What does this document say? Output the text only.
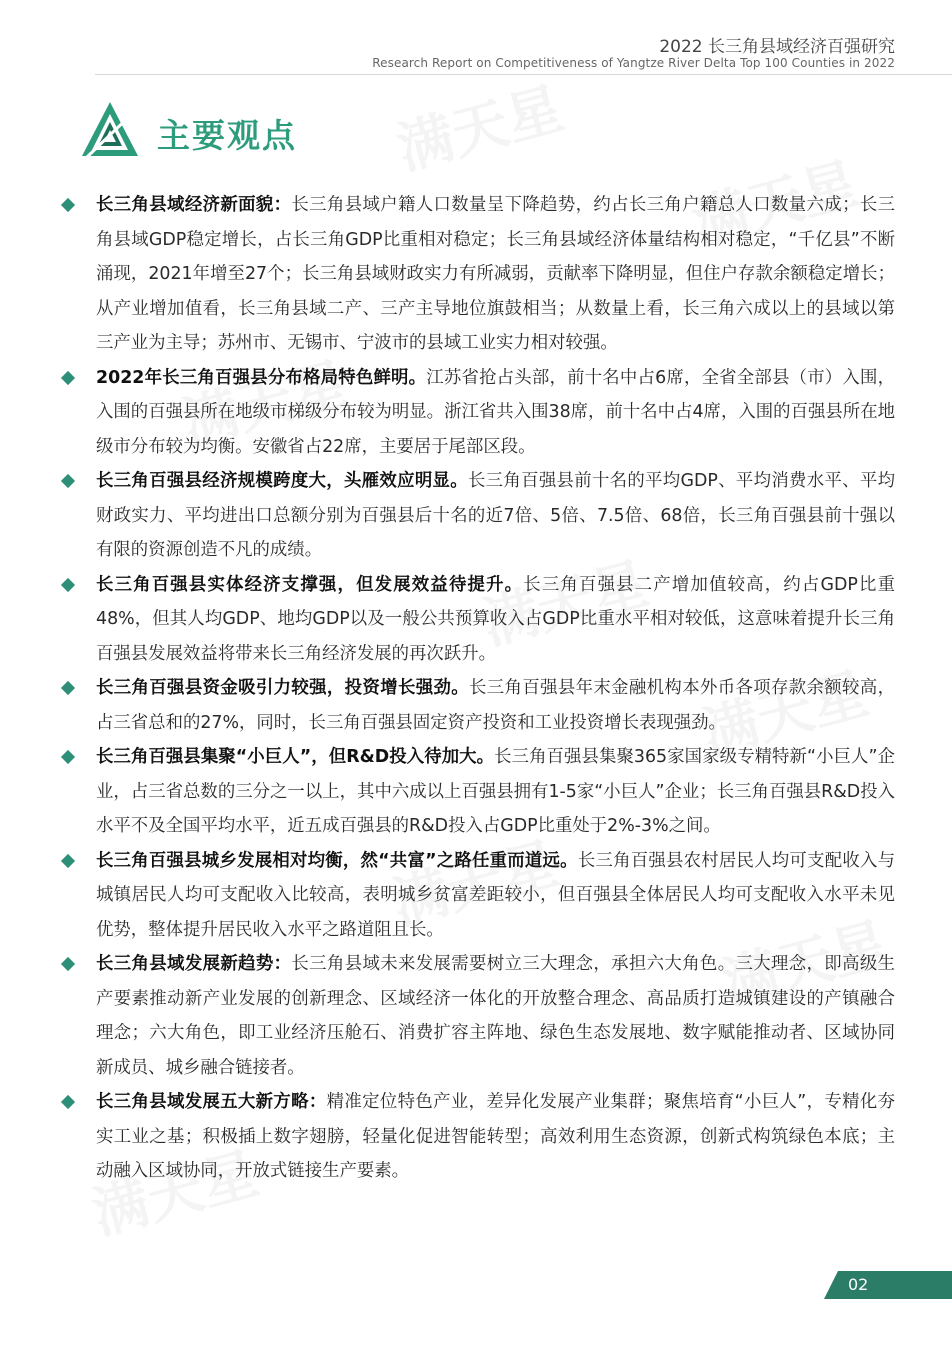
2022 长三角县域经济百强研究
Research Report on Competitiveness of Yangtze River Delta Top 100 Counties in 2022
主要观点
长三角县域经济新面貌：长三角县域户籍人口数量呈下降趋势，约占长三角户籍总人口数量六成；长三角县域GDP稳定增长，占长三角GDP比重相对稳定；长三角县域经济体量结构相对稳定，“千亿县”不断涌现，2021年增至27个；长三角县域财政实力有所减弱，贡献率下降明显，但住户存款余额稳定增长；从产业增加值看，长三角县域二产、三产主导地位旗鼓相当；从数量上看，长三角六成以上的县域以第三产业为主导；苏州市、无锡市、宁波市的县域工业实力相对较强。
2022年长三角百强县分布格局特色鲜明。江苏省抢占头部，前十名中占6席，全省全部县（市）入围，入围的百强县所在地级市梯级分布较为明显。浙江省共入围38席，前十名中占4席，入围的百强县所在地级市分布较为均衡。安徽省占22席，主要居于尾部区段。
长三角百强县经济规模跨度大，头雁效应明显。长三角百强县前十名的平均GDP、平均消费水平、平均财政实力、平均进出口总额分别为百强县后十名的近7倍、5倍、7.5倍、68倍，长三角百强县前十强以有限的资源创造不凡的成绩。
长三角百强县实体经济支撑强，但发展效益待提升。长三角百强县二产增加值较高，约占GDP比重48%，但其人均GDP、地均GDP以及一般公共预算收入占GDP比重水平相对较低，这意味着提升长三角百强县发展效益将带来长三角经济发展的再次跃升。
长三角百强县资金吸引力较强，投资增长强劲。长三角百强县年末金融机构本外币各项存款余额较高，占三省总和的27%，同时，长三角百强县固定资产投资和工业投资增长表现强劲。
长三角百强县集聚“小巨人”，但R&D投入待加大。长三角百强县集聚365家国家级专精特新“小巨人”企业，占三省总数的三分之一以上，其中六成以上百强县拥有1-5家“小巨人”企业；长三角百强县R&D投入水平不及全国平均水平，近五成百强县的R&D投入占GDP比重处于2%-3%之间。
长三角百强县城乡发展相对均衡，然“共富”之路任重而道远。长三角百强县农村居民人均可支配收入与城镇居民人均可支配收入比较高，表明城乡贫富差距较小，但百强县全体居民人均可支配收入水平未见优势，整体提升居民收入水平之路道阻且长。
长三角县域发展新趋势：长三角县域未来发展需要树立三大理念，承担六大角色。三大理念，即高级生产要素推动新产业发展的创新理念、区域经济一体化的开放整合理念、高品质打造城镇建设的产镇融合理念；六大角色，即工业经济压舱石、消费扩容主阵地、绿色生态发展地、数字赋能推动者、区域协同新成员、城乡融合链接者。
长三角县域发展五大新方略：精准定位特色产业，差异化发展产业集群；聚焦培育“小巨人”，专精化夯实工业之基；积极插上数字翅膀，轻量化促进智能转型；高效利用生态资源，创新式构筑绿色本底；主动融入区域协同，开放式链接生产要素。
02
